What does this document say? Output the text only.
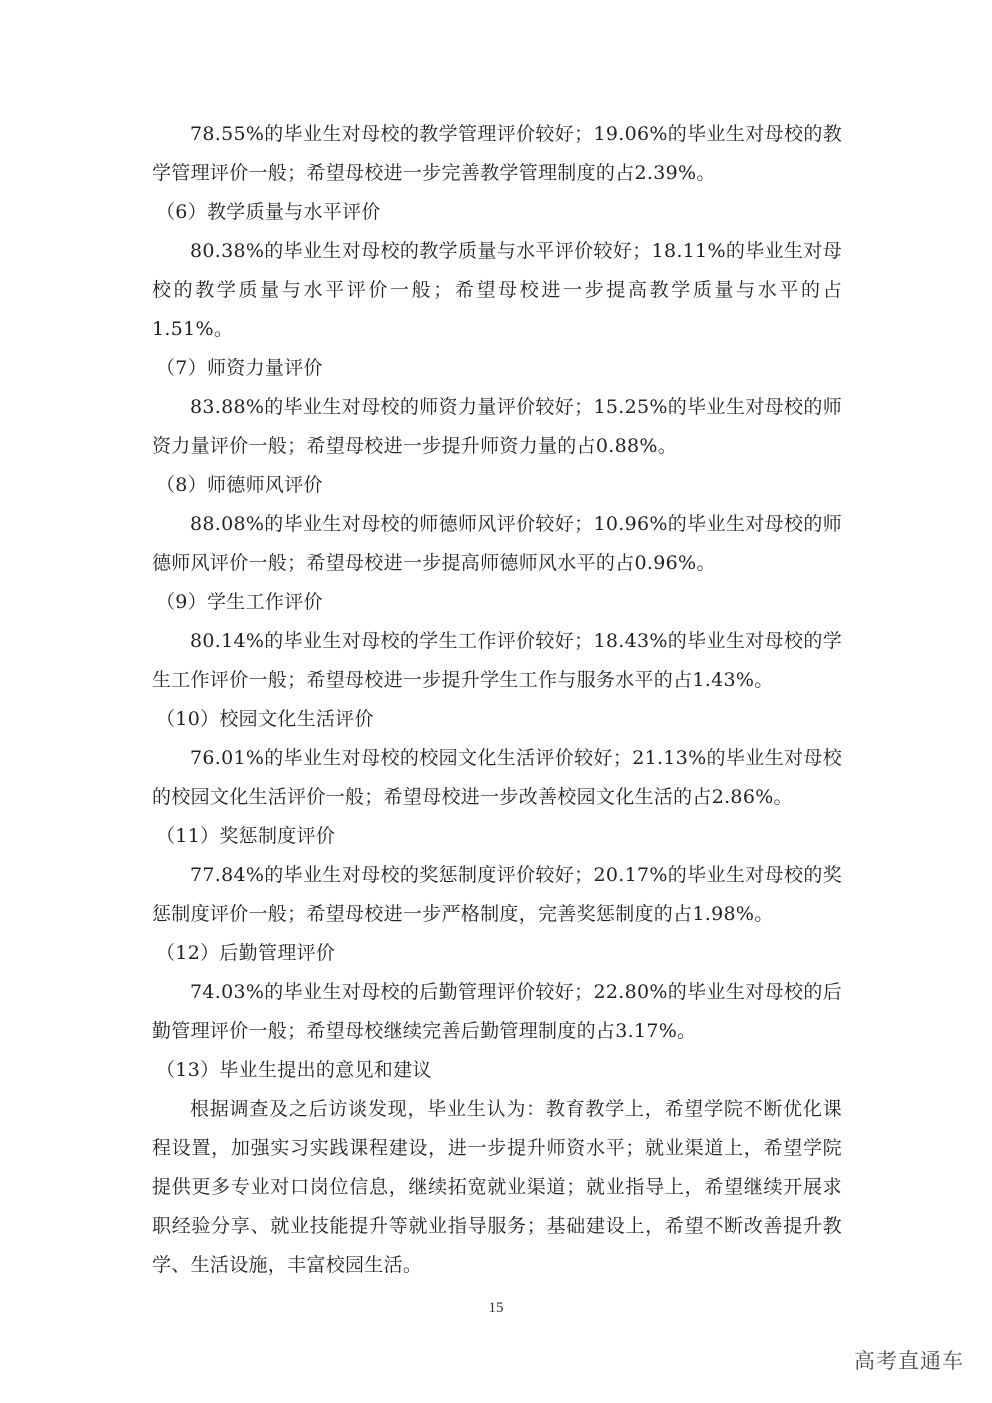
78.55%的毕业生对母校的教学管理评价较好；19.06%的毕业生对母校的教学管理评价一般；希望母校进一步完善教学管理制度的占2.39%。

（6）教学质量与水平评价

80.38%的毕业生对母校的教学质量与水平评价较好；18.11%的毕业生对母校的教学质量与水平评价一般；希望母校进一步提高教学质量与水平的占1.51%。

（7）师资力量评价

83.88%的毕业生对母校的师资力量评价较好；15.25%的毕业生对母校的师资力量评价一般；希望母校进一步提升师资力量的占0.88%。

（8）师德师风评价

88.08%的毕业生对母校的师德师风评价较好；10.96%的毕业生对母校的师德师风评价一般；希望母校进一步提高师德师风水平的占0.96%。

（9）学生工作评价

80.14%的毕业生对母校的学生工作评价较好；18.43%的毕业生对母校的学生工作评价一般；希望母校进一步提升学生工作与服务水平的占1.43%。

（10）校园文化生活评价

76.01%的毕业生对母校的校园文化生活评价较好；21.13%的毕业生对母校的校园文化生活评价一般；希望母校进一步改善校园文化生活的占2.86%。

（11）奖惩制度评价

77.84%的毕业生对母校的奖惩制度评价较好；20.17%的毕业生对母校的奖惩制度评价一般；希望母校进一步严格制度，完善奖惩制度的占1.98%。

（12）后勤管理评价

74.03%的毕业生对母校的后勤管理评价较好；22.80%的毕业生对母校的后勤管理评价一般；希望母校继续完善后勤管理制度的占3.17%。

（13）毕业生提出的意见和建议

根据调查及之后访谈发现，毕业生认为：教育教学上，希望学院不断优化课程设置，加强实习实践课程建设，进一步提升师资水平；就业渠道上，希望学院提供更多专业对口岗位信息，继续拓宽就业渠道；就业指导上，希望继续开展求职经验分享、就业技能提升等就业指导服务；基础建设上，希望不断改善提升教学、生活设施，丰富校园生活。

15
高考直通车
